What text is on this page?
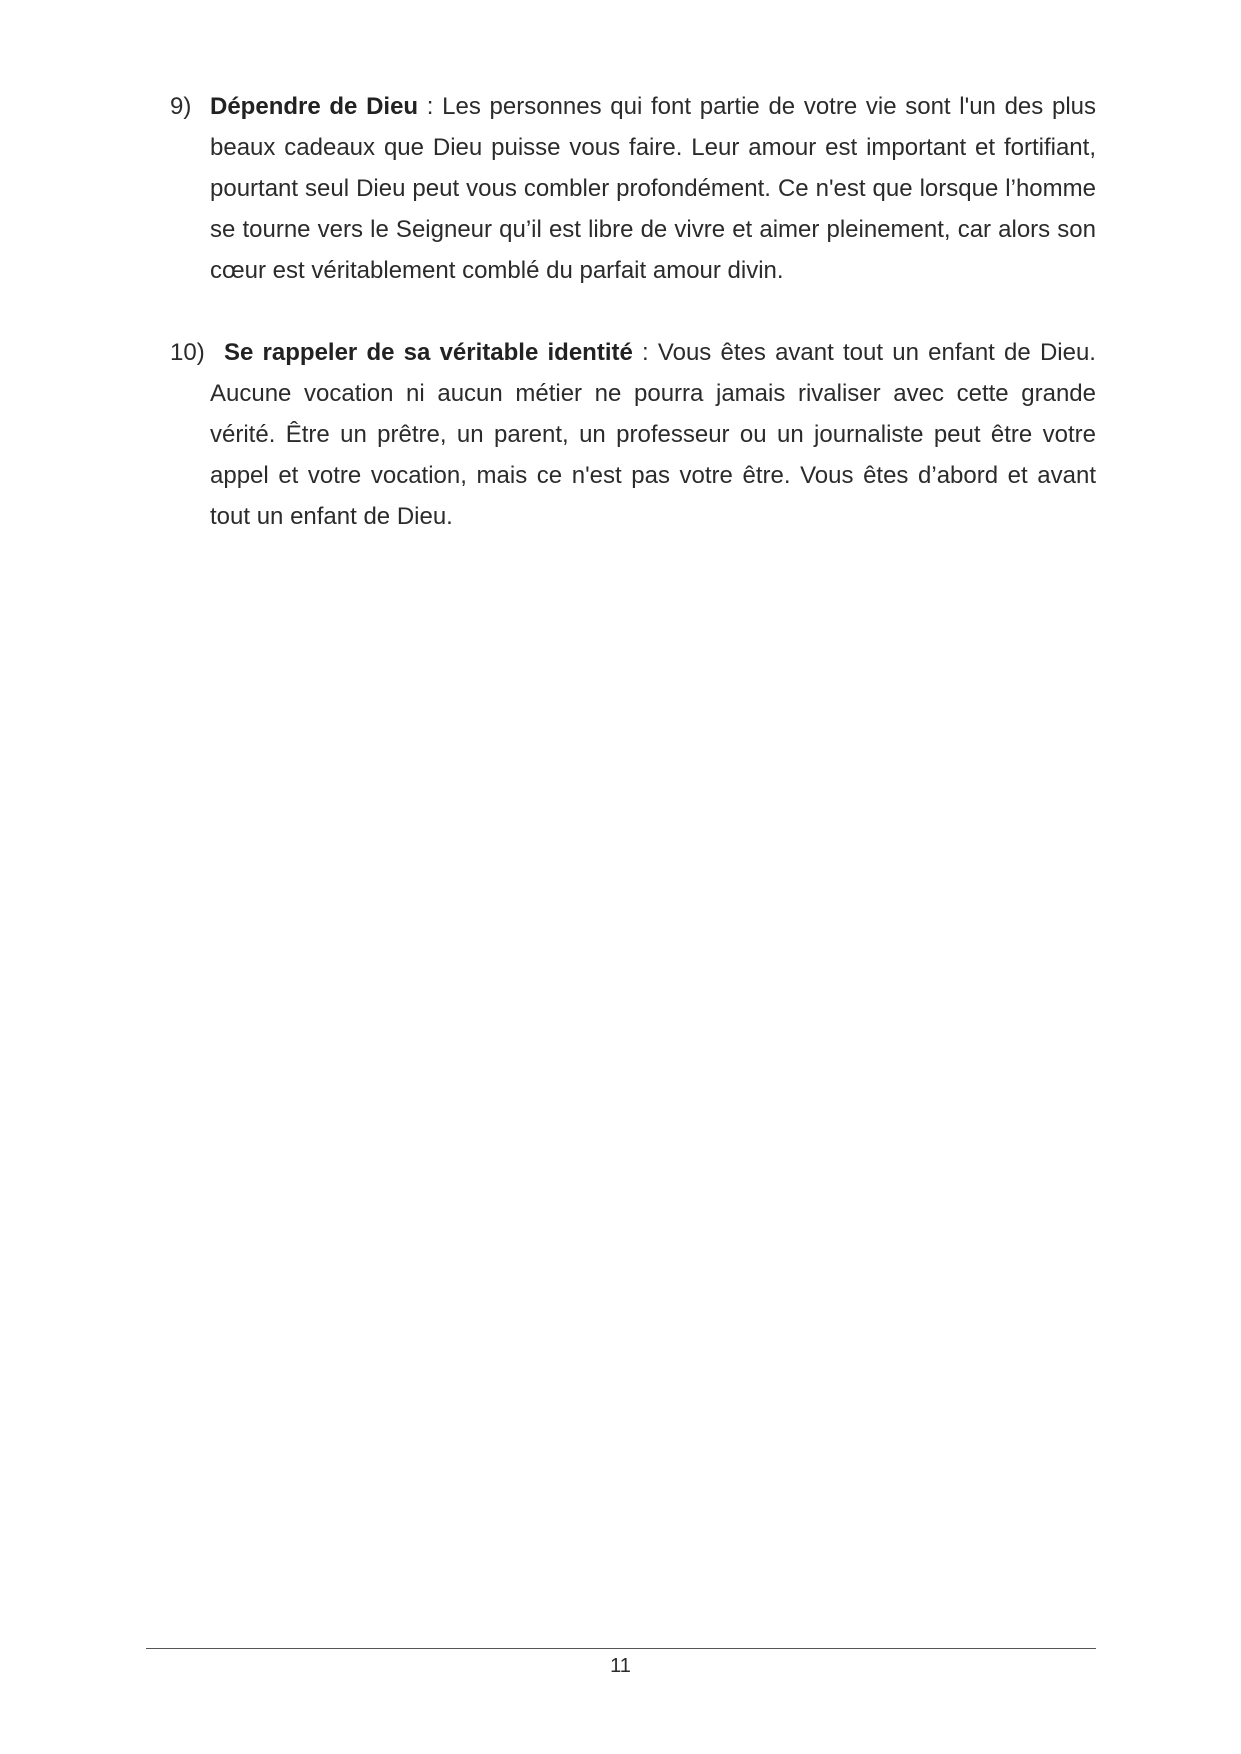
9) Dépendre de Dieu : Les personnes qui font partie de votre vie sont l'un des plus beaux cadeaux que Dieu puisse vous faire. Leur amour est important et fortifiant, pourtant seul Dieu peut vous combler profondément. Ce n'est que lorsque l’homme se tourne vers le Seigneur qu’il est libre de vivre et aimer pleinement, car alors son cœur est véritablement comblé du parfait amour divin.
10) Se rappeler de sa véritable identité : Vous êtes avant tout un enfant de Dieu. Aucune vocation ni aucun métier ne pourra jamais rivaliser avec cette grande vérité. Être un prêtre, un parent, un professeur ou un journaliste peut être votre appel et votre vocation, mais ce n'est pas votre être. Vous êtes d’abord et avant tout un enfant de Dieu.
11
